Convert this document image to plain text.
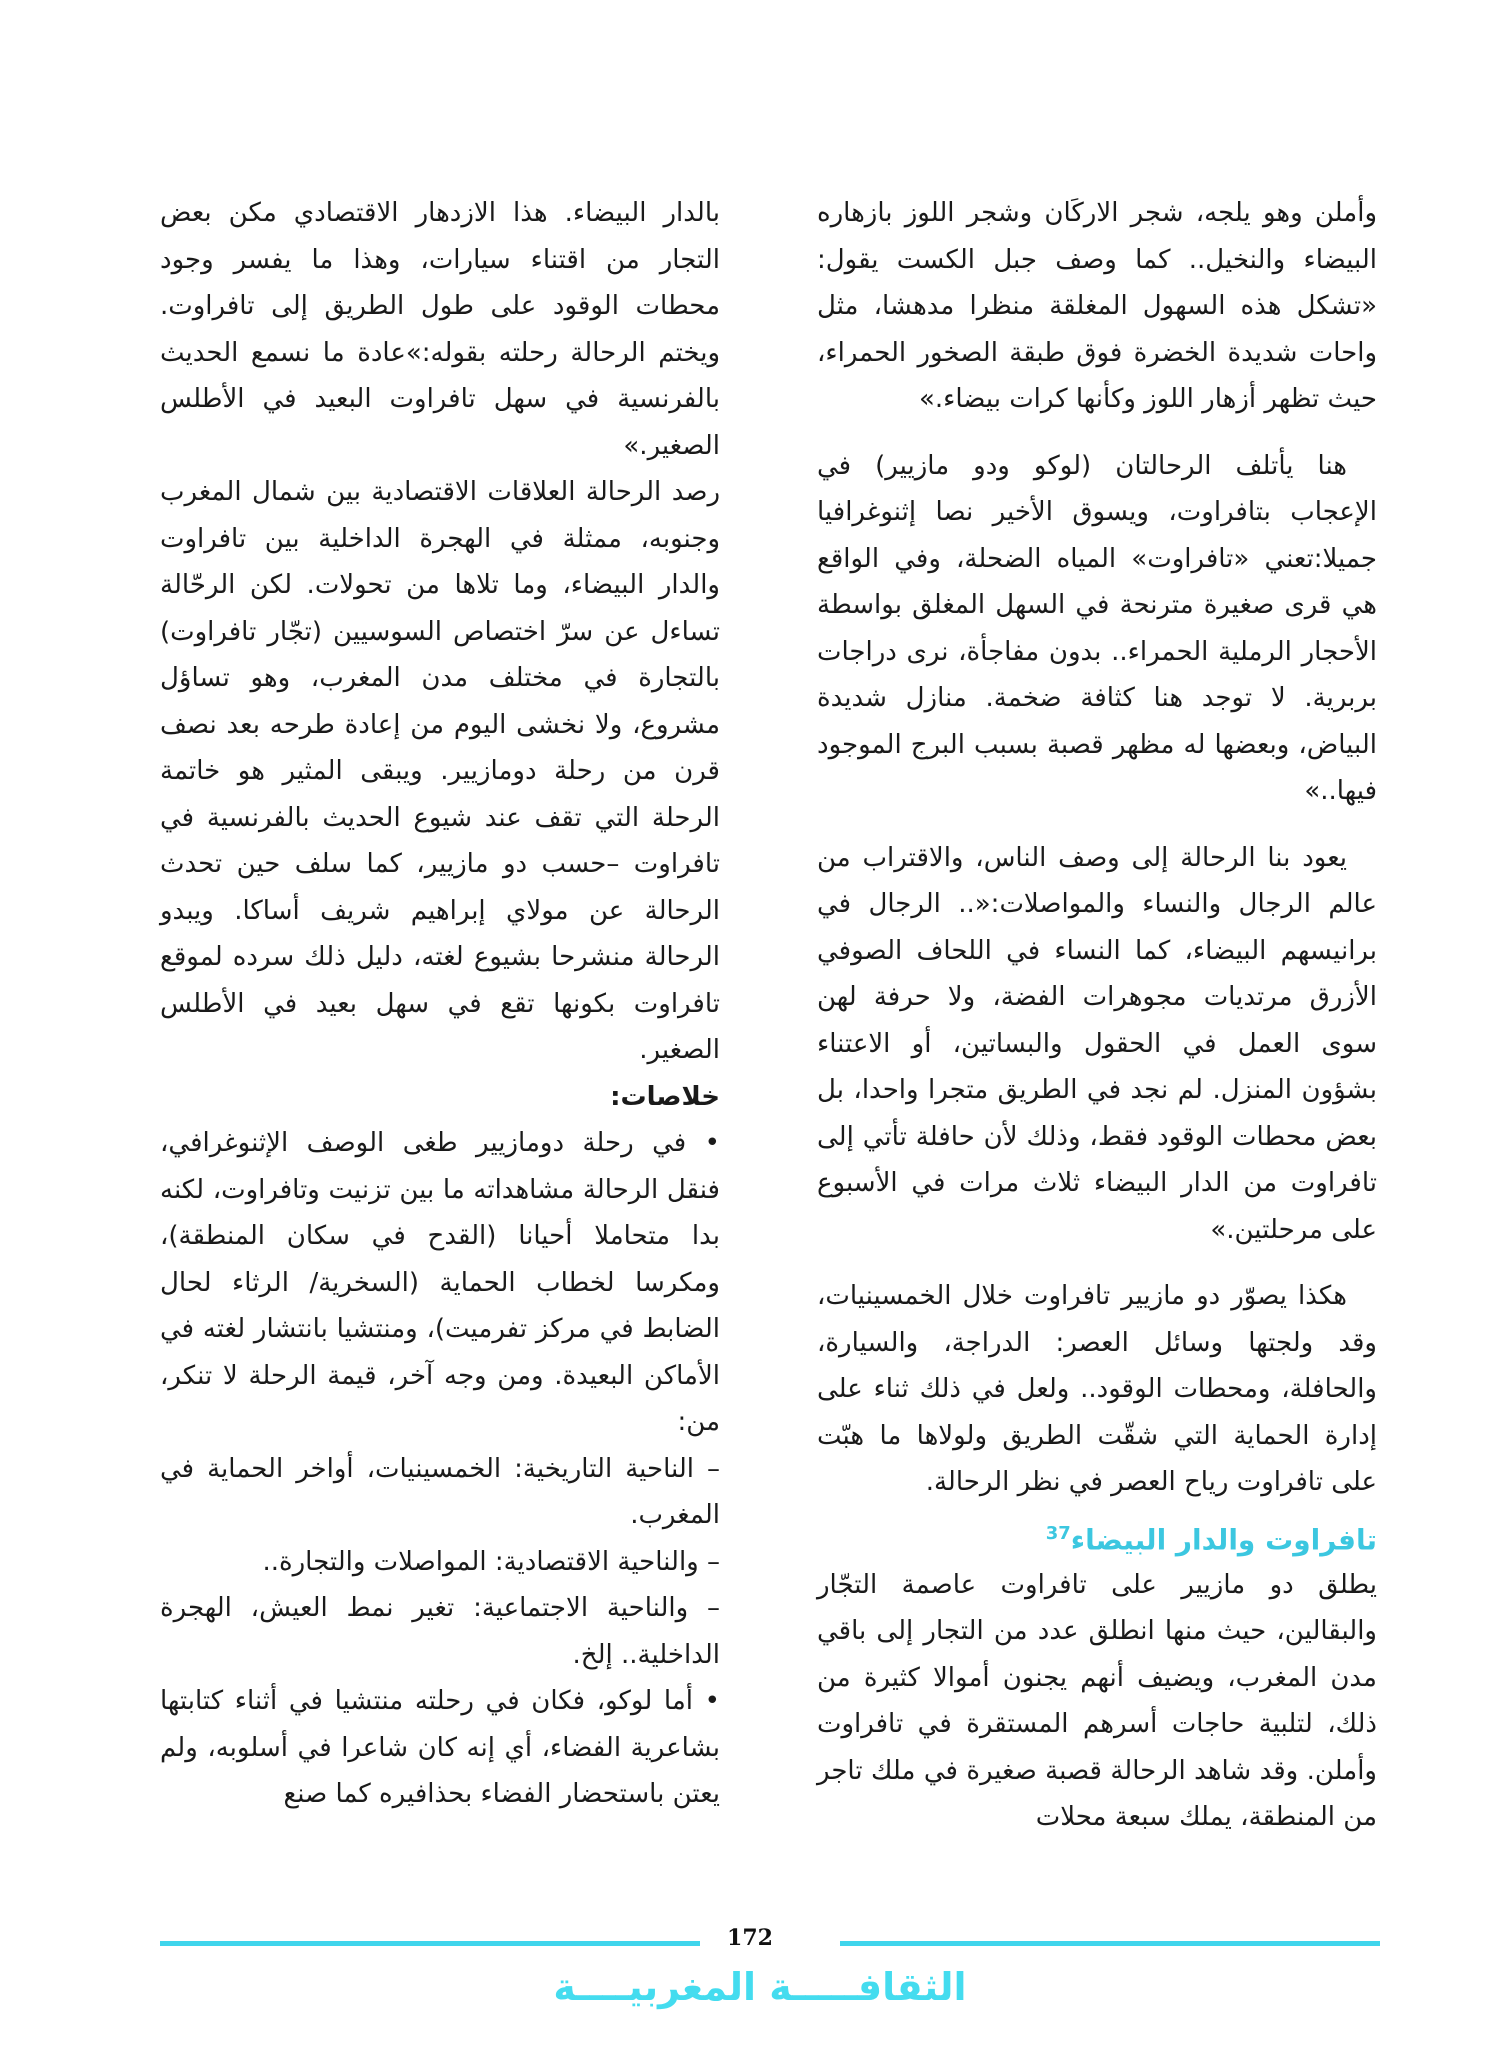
وأملن وهو يلجه، شجر الاركَان وشجر اللوز بازهاره البيضاء والنخيل.. كما وصف جبل الكست يقول: «تشكل هذه السهول المغلقة منظرا مدهشا، مثل واحات شديدة الخضرة فوق طبقة الصخور الحمراء، حيث تظهر أزهار اللوز وكأنها كرات بيضاء.»

هنا يأتلف الرحالتان (لوكو ودو مازيير) في الإعجاب بتافراوت، ويسوق الأخير نصا إثنوغرافيا جميلا:تعني «تافراوت» المياه الضحلة، وفي الواقع هي قرى صغيرة مترنحة في السهل المغلق بواسطة الأحجار الرملية الحمراء.. بدون مفاجأة، نرى دراجات بربرية. لا توجد هنا كثافة ضخمة. منازل شديدة البياض، وبعضها له مظهر قصبة بسبب البرج الموجود فيها..»

يعود بنا الرحالة إلى وصف الناس، والاقتراب من عالم الرجال والنساء والمواصلات:«.. الرجال في برانيسهم البيضاء، كما النساء في اللحاف الصوفي الأزرق مرتديات مجوهرات الفضة، ولا حرفة لهن سوى العمل في الحقول والبساتين، أو الاعتناء بشؤون المنزل. لم نجد في الطريق متجرا واحدا، بل بعض محطات الوقود فقط، وذلك لأن حافلة تأتي إلى تافراوت من الدار البيضاء ثلاث مرات في الأسبوع على مرحلتين.»

هكذا يصوّر دو مازيير تافراوت خلال الخمسينيات، وقد ولجتها وسائل العصر: الدراجة، والسيارة، والحافلة، ومحطات الوقود.. ولعل في ذلك ثناء على إدارة الحماية التي شقّت الطريق ولولاها ما هبّت على تافراوت رياح العصر في نظر الرحالة.

تافراوت والدار البيضاء$^{37}$

يطلق دو مازيير على تافراوت عاصمة التجّار والبقالين، حيث منها انطلق عدد من التجار إلى باقي مدن المغرب، ويضيف أنهم يجنون أموالا كثيرة من ذلك، لتلبية حاجات أسرهم المستقرة في تافراوت وأملن. وقد شاهد الرحالة قصبة صغيرة في ملك تاجر من المنطقة، يملك سبعة محلات

بالدار البيضاء. هذا الازدهار الاقتصادي مكن بعض التجار من اقتناء سيارات، وهذا ما يفسر وجود محطات الوقود على طول الطريق إلى تافراوت. ويختم الرحالة رحلته بقوله:»عادة ما نسمع الحديث بالفرنسية في سهل تافراوت البعيد في الأطلس الصغير.»

رصد الرحالة العلاقات الاقتصادية بين شمال المغرب وجنوبه، ممثلة في الهجرة الداخلية بين تافراوت والدار البيضاء، وما تلاها من تحولات. لكن الرحّالة تساءل عن سرّ اختصاص السوسيين (تجّار تافراوت) بالتجارة في مختلف مدن المغرب، وهو تساؤل مشروع، ولا نخشى اليوم من إعادة طرحه بعد نصف قرن من رحلة دومازيير. ويبقى المثير هو خاتمة الرحلة التي تقف عند شيوع الحديث بالفرنسية في تافراوت –حسب دو مازيير، كما سلف حين تحدث الرحالة عن مولاي إبراهيم شريف أساكا. ويبدو الرحالة منشرحا بشيوع لغته، دليل ذلك سرده لموقع تافراوت بكونها تقع في سهل بعيد في الأطلس الصغير.

خلاصات:

• في رحلة دومازيير طغى الوصف الإثنوغرافي، فنقل الرحالة مشاهداته ما بين تزنيت وتافراوت، لكنه بدا متحاملا أحيانا (القدح في سكان المنطقة)، ومكرسا لخطاب الحماية (السخرية/ الرثاء لحال الضابط في مركز تفرميت)، ومنتشيا بانتشار لغته في الأماكن البعيدة. ومن وجه آخر، قيمة الرحلة لا تنكر، من:

– الناحية التاريخية: الخمسينيات، أواخر الحماية في المغرب.

– والناحية الاقتصادية: المواصلات والتجارة..

– والناحية الاجتماعية: تغير نمط العيش، الهجرة الداخلية.. إلخ.

• أما لوكو، فكان في رحلته منتشيا في أثناء كتابتها بشاعرية الفضاء، أي إنه كان شاعرا في أسلوبه، ولم يعتن باستحضار الفضاء بحذافيره كما صنع

172
الثقافـــــة المغربيــــة
